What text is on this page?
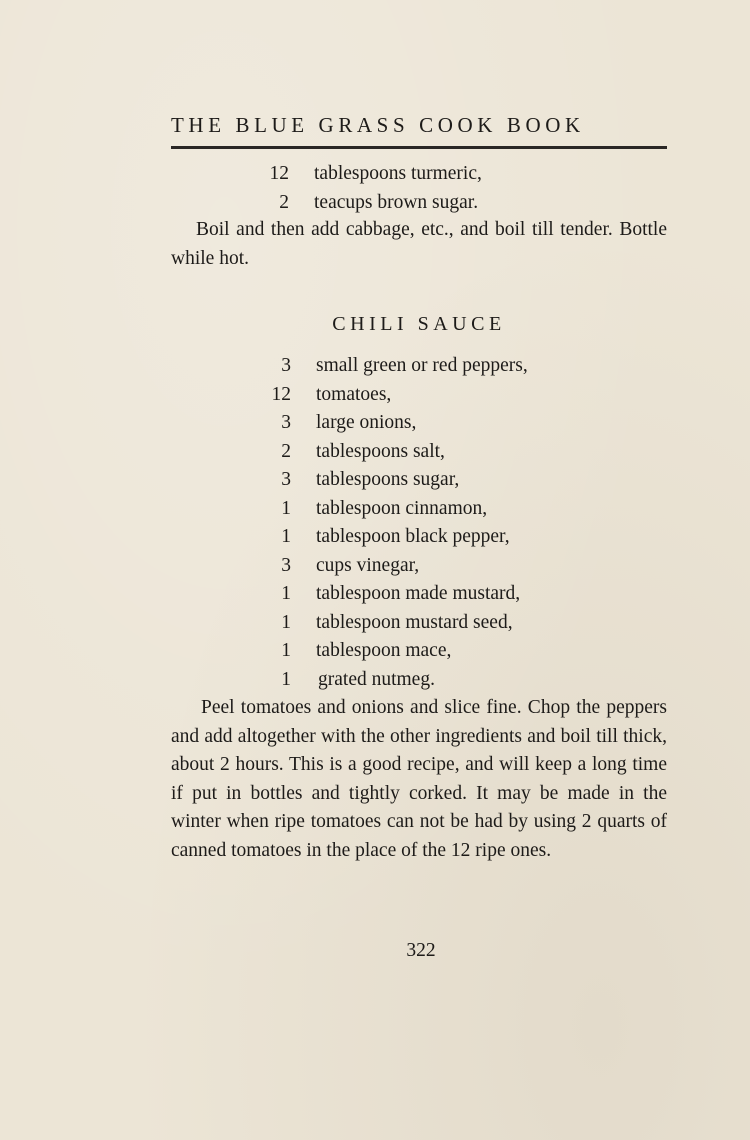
THE BLUE GRASS COOK BOOK
12 tablespoons turmeric,
2 teacups brown sugar.
Boil and then add cabbage, etc., and boil till tender. Bottle while hot.
CHILI SAUCE
3 small green or red peppers,
12 tomatoes,
3 large onions,
2 tablespoons salt,
3 tablespoons sugar,
1 tablespoon cinnamon,
1 tablespoon black pepper,
3 cups vinegar,
1 tablespoon made mustard,
1 tablespoon mustard seed,
1 tablespoon mace,
1 grated nutmeg.
Peel tomatoes and onions and slice fine. Chop the peppers and add altogether with the other ingredients and boil till thick, about 2 hours. This is a good recipe, and will keep a long time if put in bottles and tightly corked. It may be made in the winter when ripe tomatoes can not be had by using 2 quarts of canned tomatoes in the place of the 12 ripe ones.
322
